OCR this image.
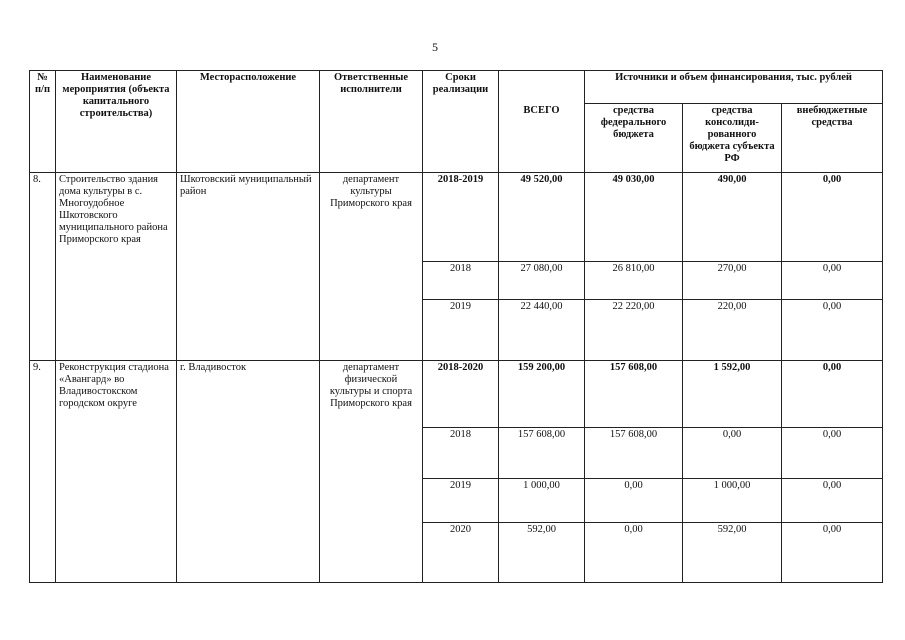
5
№ п/п	Наименование мероприятия (объекта капитального строительства)	Месторасположение	Ответственные исполнители	Сроки реализации		Источники и объем финансирования, тыс. рублей		
					ВСЕГО	средства федерального бюджета	средства консолиди-рованного бюджета субъекта РФ	внебюджетные средства
8.	Строительство здания дома культуры в с. Многоудобное Шкотовского муниципального района Приморского края	Шкотовский муниципальный район	департамент культуры Приморского края	2018-2019	49 520,00	49 030,00	490,00	0,00
				2018	27 080,00	26 810,00	270,00	0,00
				2019	22 440,00	22 220,00	220,00	0,00
9.	Реконструкция стадиона «Авангард» во Владивостокском городском округе	г. Владивосток	департамент физической культуры и спорта Приморского края	2018-2020	159 200,00	157 608,00	1 592,00	0,00
				2018	157 608,00	157 608,00	0,00	0,00
				2019	1 000,00	0,00	1 000,00	0,00
				2020	592,00	0,00	592,00	0,00
